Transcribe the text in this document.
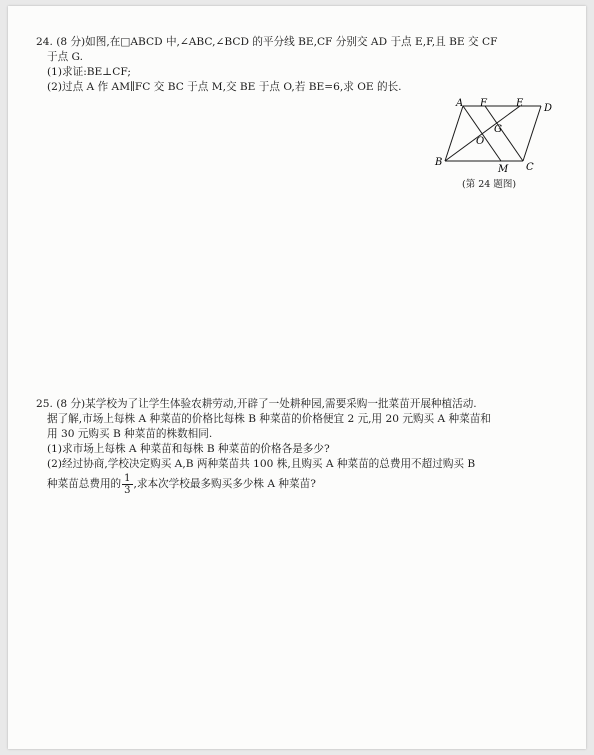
24. (8 分)如图,在□ABCD 中,∠ABC,∠BCD 的平分线 BE,CF 分别交 AD 于点 E,F,且 BE 交 CF

于点 G.

(1)求证:BE⊥CF;

(2)过点 A 作 AM∥FC 交 BC 于点 M,交 BE 于点 O,若 BE=6,求 OE 的长.

A F	E D
G
O
B
M C
(第 24 题图)

25. (8 分)某学校为了让学生体验农耕劳动,开辟了一处耕种园,需要采购一批菜苗开展种植活动.

据了解,市场上每株 A 种菜苗的价格比每株 B 种菜苗的价格便宜 2 元,用 20 元购买 A 种菜苗和

用 30 元购买 B 种菜苗的株数相同.

(1)求市场上每株 A 种菜苗和每株 B 种菜苗的价格各是多少?

(2)经过协商,学校决定购买 A,B 两种菜苗共 100 株,且购买 A 种菜苗的总费用不超过购买 B

种菜苗总费用的 $\frac{1}{3}$ ,求本次学校最多购买多少株 A 种菜苗?
